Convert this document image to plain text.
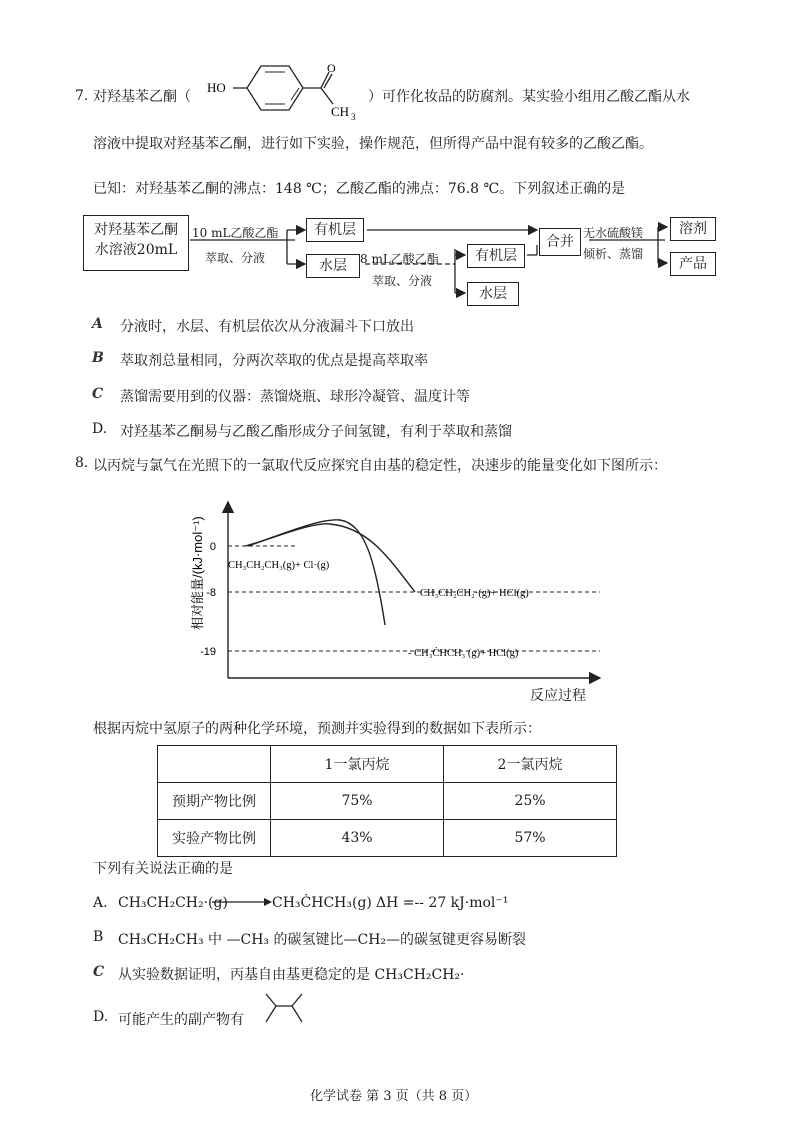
7. 对羟基苯乙酮（
HO
O
CH 3
）可作化妆品的防腐剂。某实验小组用乙酸乙酯从水
溶液中提取对羟基苯乙酮，进行如下实验，操作规范，但所得产品中混有较多的乙酸乙酯。
已知：对羟基苯乙酮的沸点：148 ℃；乙酸乙酯的沸点：76.8 ℃。下列叙述正确的是
对羟基苯乙酮
水溶液20mL
10 mL乙酸乙酯
萃取、分液
有机层
水层	8 mL乙酸乙酯
萃取、分液
有机层
水层
合并
无水硫酸镁
倾析、蒸馏
溶剂
产品
A 分液时，水层、有机层依次从分液漏斗下口放出
B 萃取剂总量相同，分两次萃取的优点是提高萃取率
C 蒸馏需要用到的仪器：蒸馏烧瓶、球形冷凝管、温度计等
D. 对羟基苯乙酮易与乙酸乙酯形成分子间氢键，有利于萃取和蒸馏
8. 以丙烷与氯气在光照下的一氯取代反应探究自由基的稳定性，决速步的能量变化如下图所示：
相对能量/(kJ·mol⁻¹) 0
-8
-19
CH₃CH₂CH₃(g)+ Cl·(g)
CH₃CH₂CH₂·(g)+ HCl(g)
- CH₃ĊHCH₃ (g)+ HCl(g)
反应过程
根据丙烷中氢原子的两种化学环境，预测并实验得到的数据如下表所示：
	1一氯丙烷	2一氯丙烷
预期产物比例	75%	25%
实验产物比例	43%	57%
下列有关说法正确的是
A. CH₃CH₂CH₂·(g)	CH₃ĊHCH₃(g) ΔH =-- 27 kJ·mol⁻¹
B CH₃CH₂CH₃ 中 —CH₃ 的碳氢键比—CH₂—的碳氢键更容易断裂
C 从实验数据证明，丙基自由基更稳定的是 CH₃CH₂CH₂·
D. 可能产生的副产物有
化学试卷 第 3 页（共 8 页）
